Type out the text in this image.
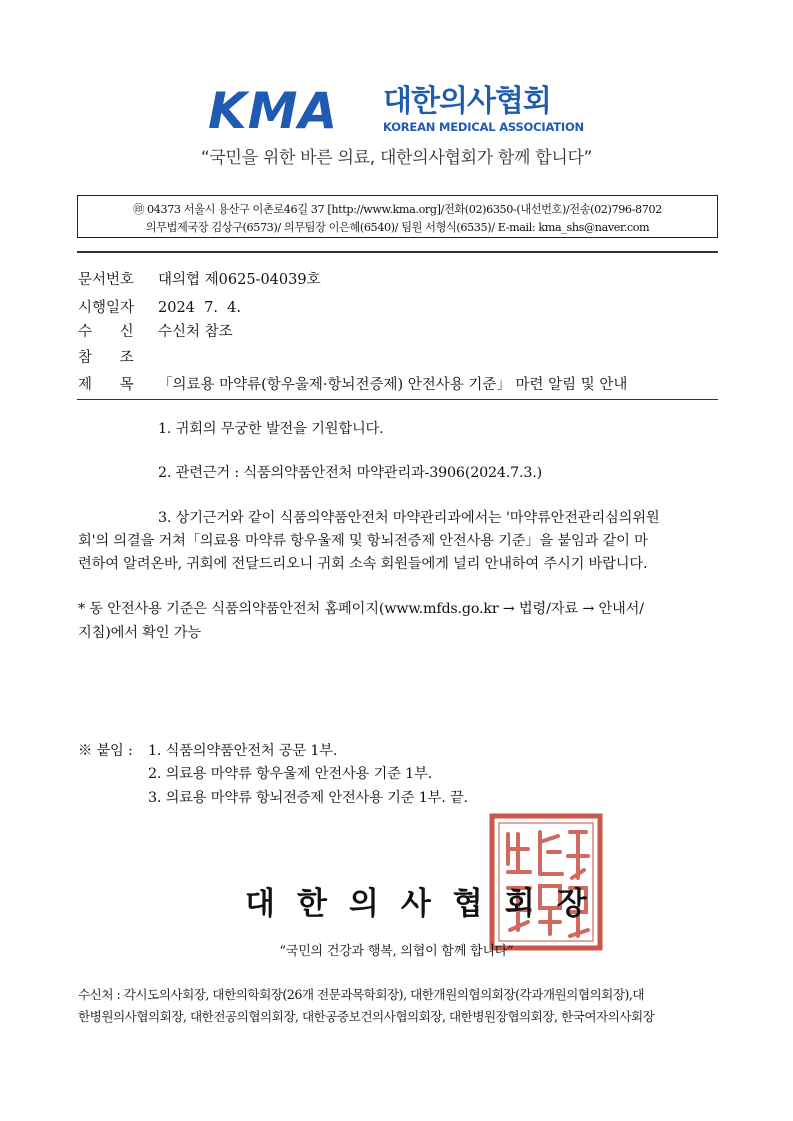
KMA 대한의사협회
KOREAN MEDICAL ASSOCIATION
“국민을 위한 바른 의료, 대한의사협회가 함께 합니다”
㊞ 04373 서울시 용산구 이촌로46길 37 [http://www.kma.org]/전화(02)6350-(내선번호)/전송(02)796-8702
의무법제국장 김상구(6573)/ 의무팀장 이은혜(6540)/ 팀원 서형식(6535)/ E-mail: kma_shs@naver.com
문서번호 대의협 제0625-04039호
시행일자 2024  7.  4.
수      신 수신처 참조
참      조
제      목 「의료용 마약류(항우울제·항뇌전증제) 안전사용 기준」 마련 알림 및 안내
1. 귀회의 무궁한 발전을 기원합니다.
2. 관련근거 : 식품의약품안전처 마약관리과-3906(2024.7.3.)
3. 상기근거와 같이 식품의약품안전처 마약관리과에서는 '마약류안전관리심의위원
회'의 의결을 거쳐「의료용 마약류 항우울제 및 항뇌전증제 안전사용 기준」을 붙임과 같이 마
련하여 알려온바, 귀회에 전달드리오니 귀회 소속 회원들에게 널리 안내하여 주시기 바랍니다.
* 동 안전사용 기준은 식품의약품안전처 홈페이지(www.mfds.go.kr → 법령/자료 → 안내서/
지침)에서 확인 가능
※ 붙임 : 1. 식품의약품안전처 공문 1부.
2. 의료용 마약류 항우울제 안전사용 기준 1부.
3. 의료용 마약류 항뇌전증제 안전사용 기준 1부. 끝.
대한의사협회장
“국민의 건강과 행복, 의협이 함께 합니다”
수신처 : 각시도의사회장, 대한의학회장(26개 전문과목학회장), 대한개원의협의회장(각과개원의협의회장),대
한병원의사협의회장, 대한전공의협의회장, 대한공중보건의사협의회장, 대한병원장협의회장, 한국여자의사회장
